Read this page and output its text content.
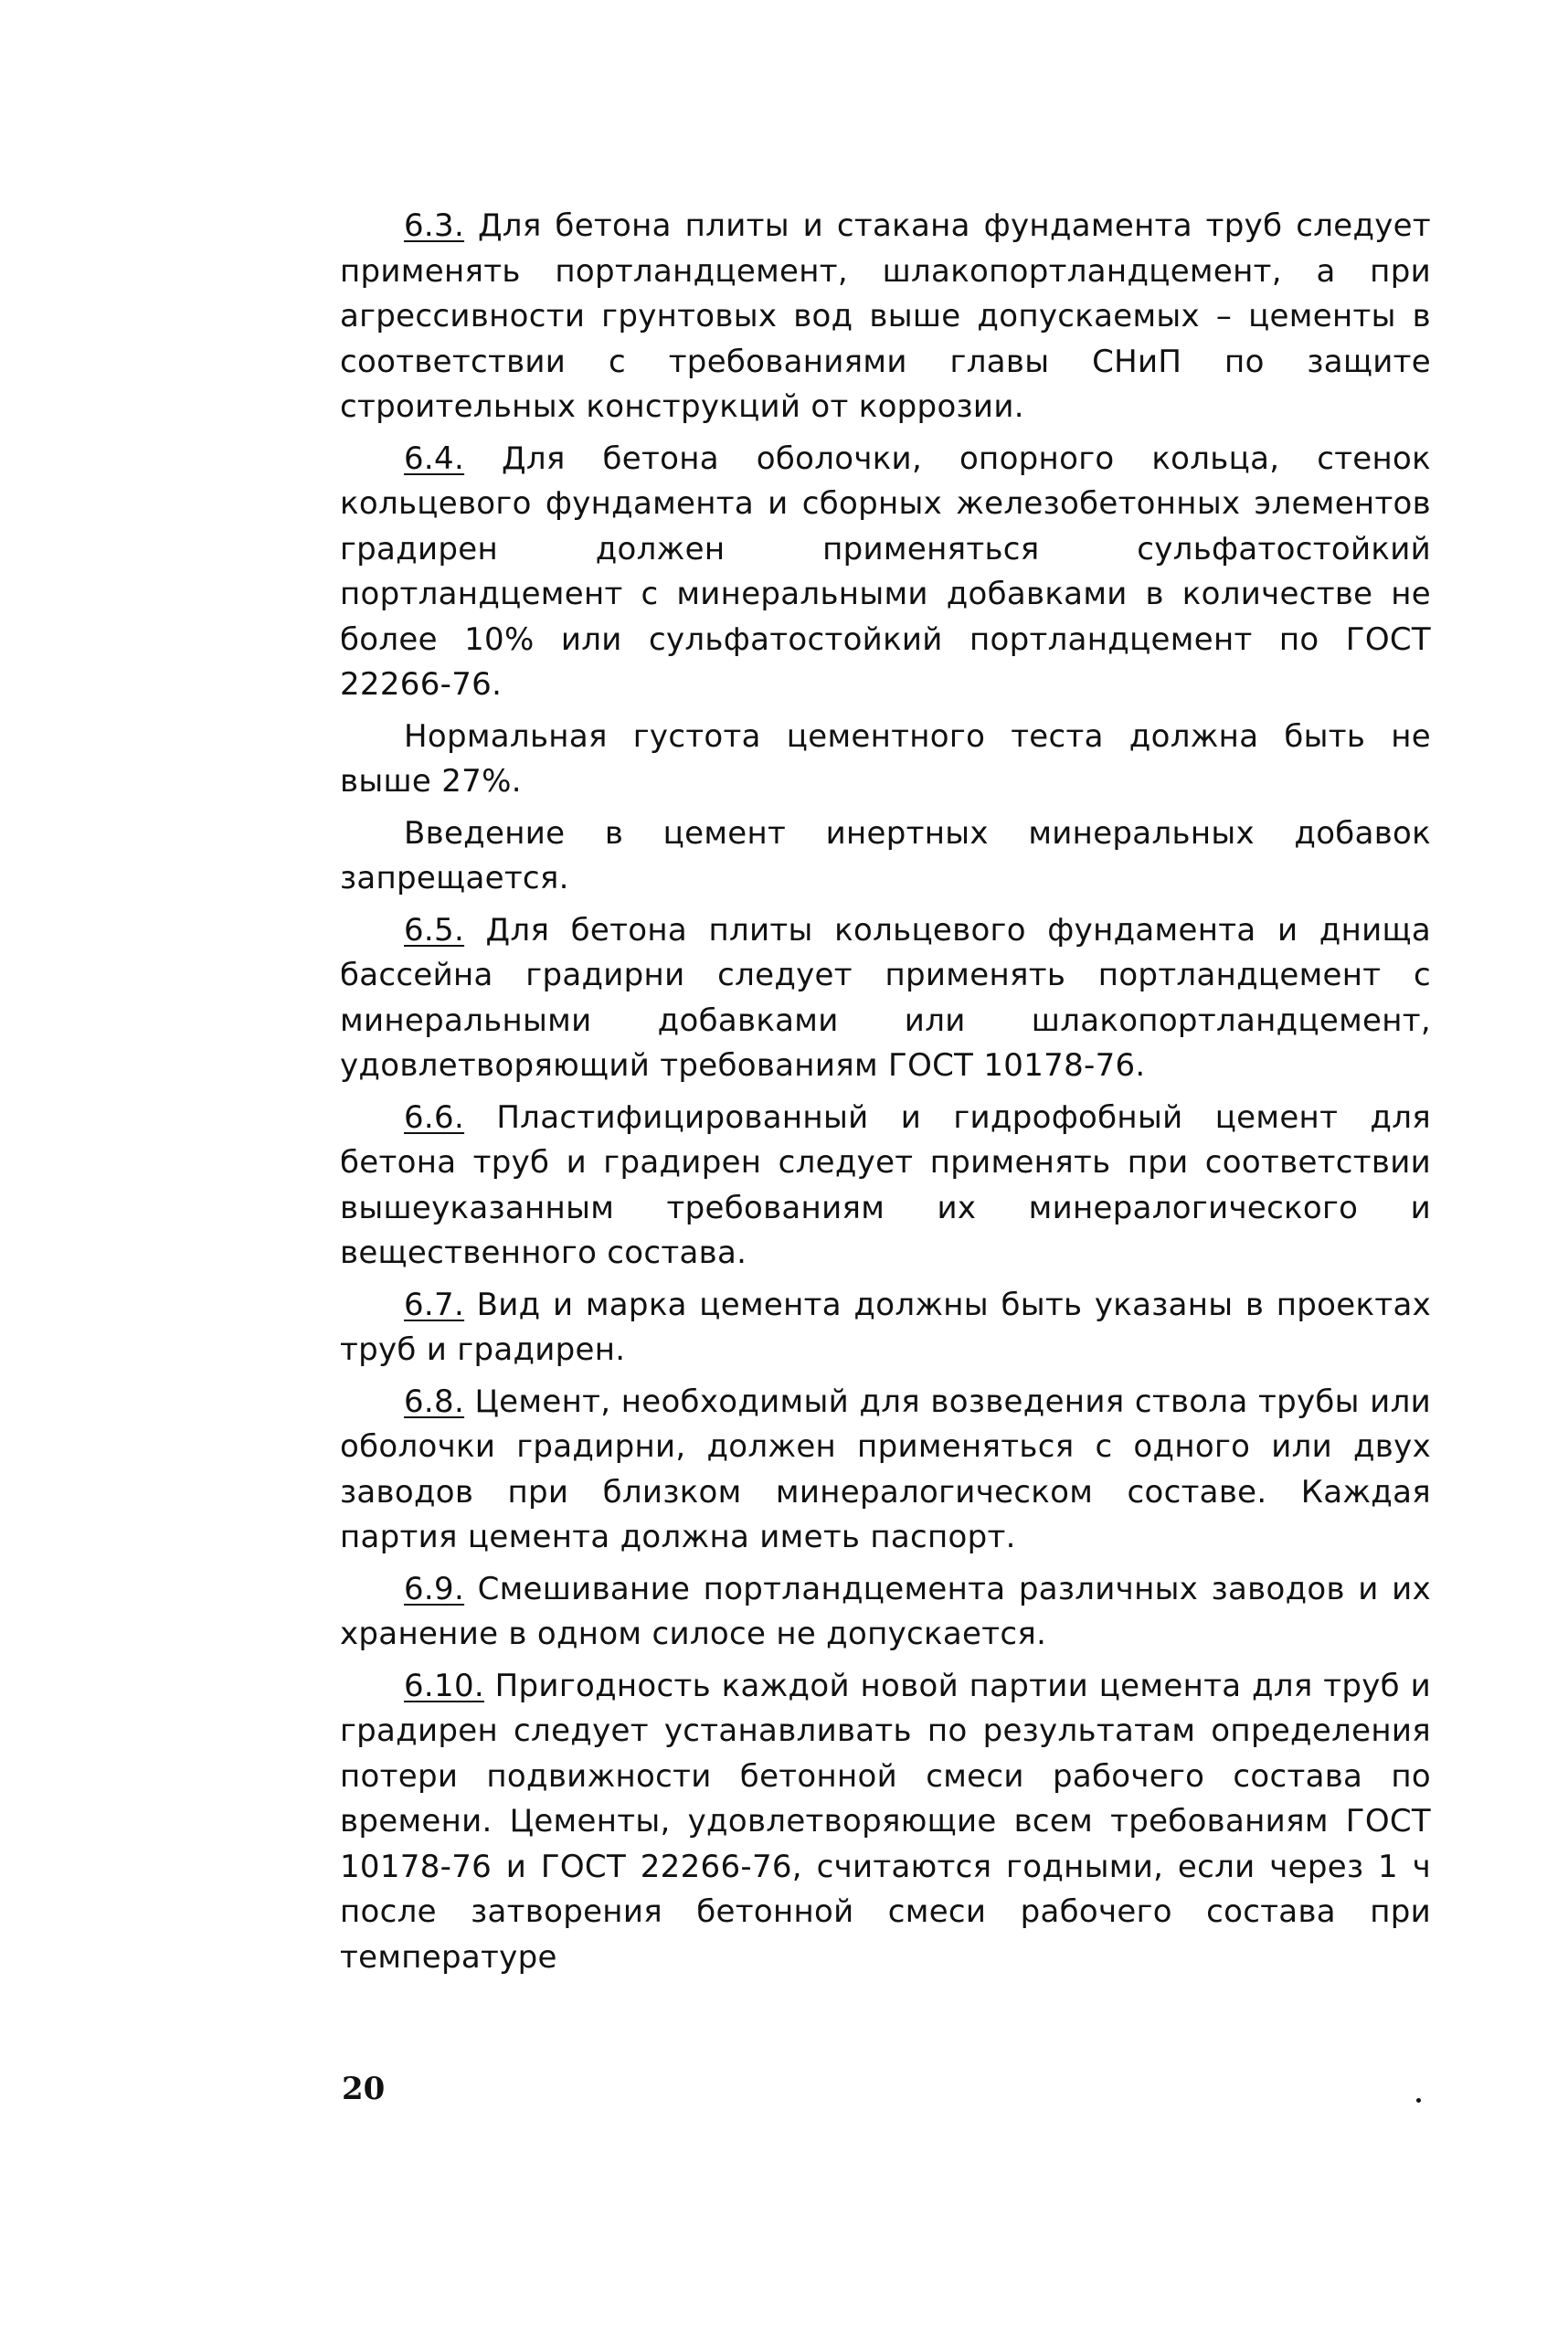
6.3. Для бетона плиты и стакана фундамента труб следует применять портландцемент, шлакопортландцемент, а при агрессивности грунтовых вод выше допускаемых – цементы в соответствии с требованиями главы СНиП по защите строительных конструкций от коррозии.

6.4. Для бетона оболочки, опорного кольца, стенок кольцевого фундамента и сборных железобетонных элементов градирен должен применяться сульфатостойкий портландцемент с минеральными добавками в количестве не более 10% или сульфатостойкий портландцемент по ГОСТ 22266-76.

Нормальная густота цементного теста должна быть не выше 27%.

Введение в цемент инертных минеральных добавок запрещается.

6.5. Для бетона плиты кольцевого фундамента и днища бассейна градирни следует применять портландцемент с минеральными добавками или шлакопортландцемент, удовлетворяющий требованиям ГОСТ 10178-76.

6.6. Пластифицированный и гидрофобный цемент для бетона труб и градирен следует применять при соответствии вышеуказанным требованиям их минералогического и вещественного состава.

6.7. Вид и марка цемента должны быть указаны в проектах труб и градирен.

6.8. Цемент, необходимый для возведения ствола трубы или оболочки градирни, должен применяться с одного или двух заводов при близком минералогическом составе. Каждая партия цемента должна иметь паспорт.

6.9. Смешивание портландцемента различных заводов и их хранение в одном силосе не допускается.

6.10. Пригодность каждой новой партии цемента для труб и градирен следует устанавливать по результатам определения потери подвижности бетонной смеси рабочего состава по времени. Цементы, удовлетворяющие всем требованиям ГОСТ 10178-76 и ГОСТ 22266-76, считаются годными, если через 1 ч после затворения бетонной смеси рабочего состава при температуре

20
